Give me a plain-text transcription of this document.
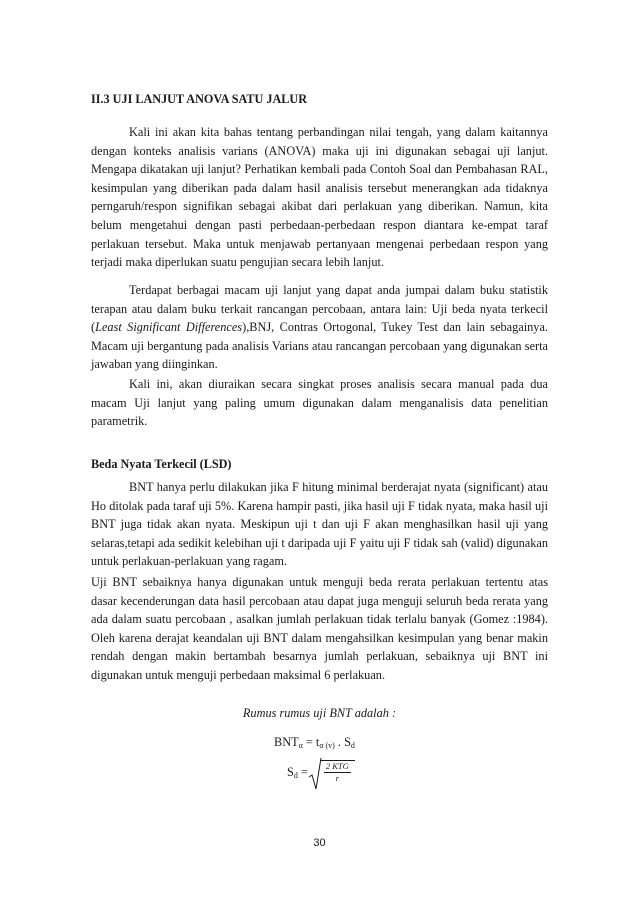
II.3 UJI LANJUT ANOVA SATU JALUR

Kali ini akan kita bahas tentang perbandingan nilai tengah, yang dalam kaitannya dengan konteks analisis varians (ANOVA) maka uji ini digunakan sebagai uji lanjut. Mengapa dikatakan uji lanjut? Perhatikan kembali pada Contoh Soal dan Pembahasan RAL, kesimpulan yang diberikan pada dalam hasil analisis tersebut menerangkan ada tidaknya perngaruh/respon signifikan sebagai akibat dari perlakuan yang diberikan. Namun, kita belum mengetahui dengan pasti perbedaan-perbedaan respon diantara ke-empat taraf perlakuan tersebut. Maka untuk menjawab pertanyaan mengenai perbedaan respon yang terjadi maka diperlukan suatu pengujian secara lebih lanjut.

Terdapat berbagai macam uji lanjut yang dapat anda jumpai dalam buku statistik terapan atau dalam buku terkait rancangan percobaan, antara lain: Uji beda nyata terkecil (Least Significant Differences),BNJ, Contras Ortogonal, Tukey Test dan lain sebagainya. Macam uji bergantung pada analisis Varians atau rancangan percobaan yang digunakan serta jawaban yang diinginkan.

Kali ini, akan diuraikan secara singkat proses analisis secara manual pada dua macam Uji lanjut yang paling umum digunakan dalam menganalisis data penelitian parametrik.

Beda Nyata Terkecil (LSD)

BNT hanya perlu dilakukan jika F hitung minimal berderajat nyata (significant) atau Ho ditolak pada taraf uji 5%. Karena hampir pasti, jika hasil uji F tidak nyata, maka hasil uji BNT juga tidak akan nyata. Meskipun uji t dan uji F akan menghasilkan hasil uji yang selaras,tetapi ada sedikit kelebihan uji t daripada uji F yaitu uji F tidak sah (valid) digunakan untuk perlakuan-perlakuan yang ragam.

Uji BNT sebaiknya hanya digunakan untuk menguji beda rerata perlakuan tertentu atas dasar kecenderungan data hasil percobaan atau dapat juga menguji seluruh beda rerata yang ada dalam suatu percobaan , asalkan jumlah perlakuan tidak terlalu banyak (Gomez :1984). Oleh karena derajat keandalan uji BNT dalam mengahsilkan kesimpulan yang benar makin rendah dengan makin bertambah besarnya jumlah perlakuan, sebaiknya uji BNT ini digunakan untuk menguji perbedaan maksimal 6 perlakuan.

Rumus rumus uji BNT adalah :
$BNT_\alpha = t_{\alpha (v)}$ . $S_d$
$S_d = \frac{\text{2 KTG}}{r}$
30
